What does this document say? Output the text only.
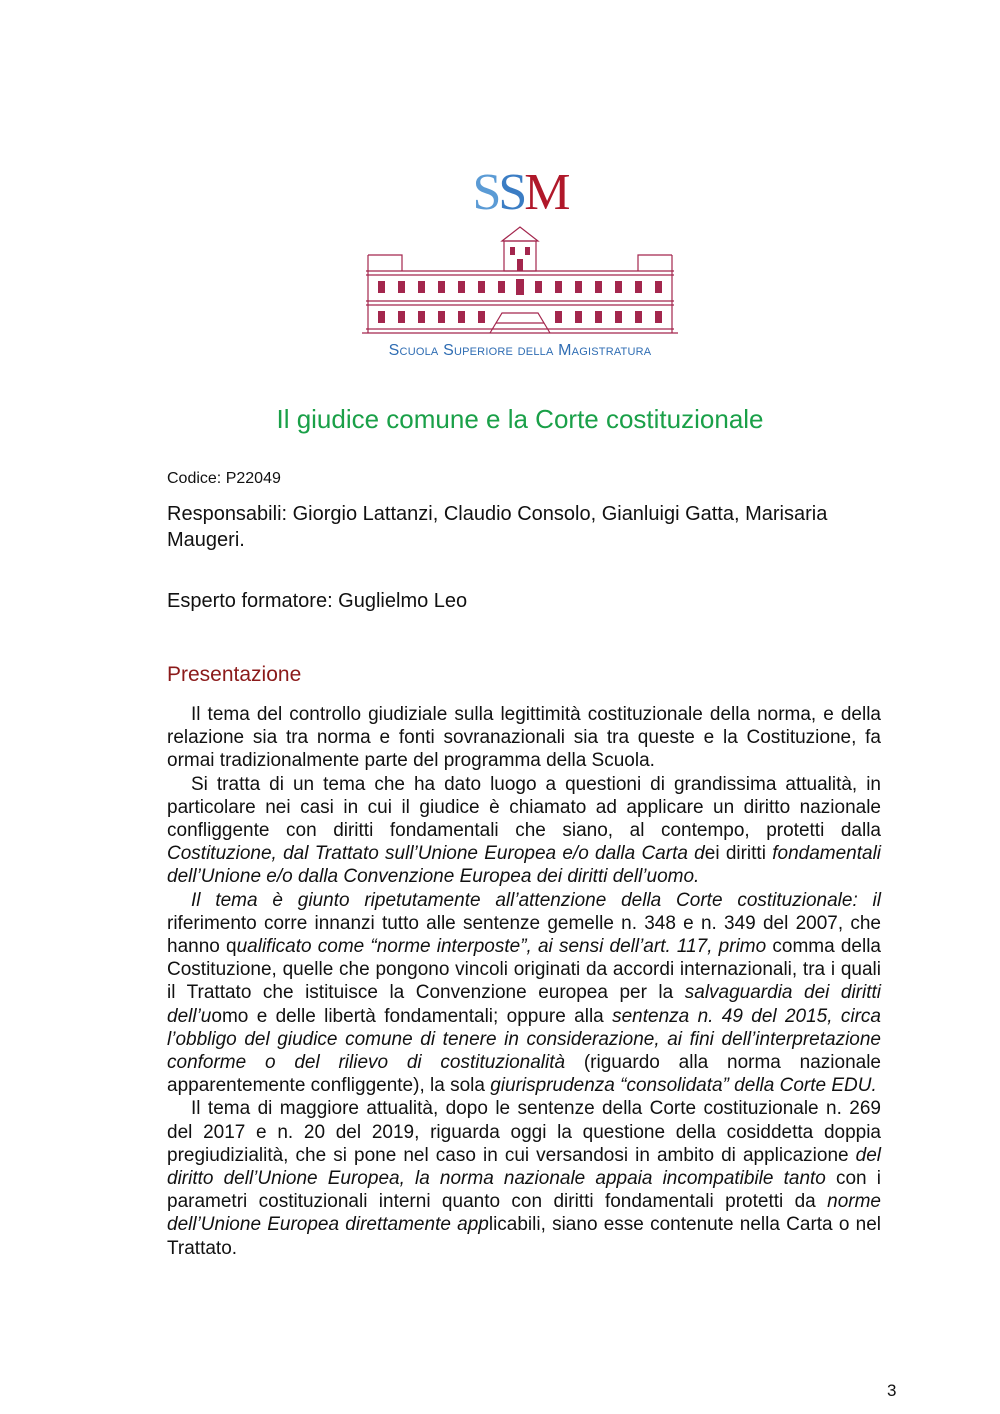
SSM
Scuola Superiore della Magistratura
Il giudice comune e la Corte costituzionale
Codice: P22049
Responsabili: Giorgio Lattanzi, Claudio Consolo, Gianluigi Gatta, Marisaria Maugeri.
Esperto formatore: Guglielmo Leo
Presentazione

Il tema del controllo giudiziale sulla legittimità costituzionale della norma, e della relazione sia tra norma e fonti sovranazionali sia tra queste e la Costituzione, fa ormai tradizionalmente parte del programma della Scuola.

Si tratta di un tema che ha dato luogo a questioni di grandissima attualità, in particolare nei casi in cui il giudice è chiamato ad applicare un diritto nazionale confliggente con diritti fondamentali che siano, al contempo, protetti dalla Costituzione, dal Trattato sull’Unione Europea e/o dalla Carta dei diritti fondamentali dell’Unione e/o dalla Convenzione Europea dei diritti dell’uomo.

Il tema è giunto ripetutamente all’attenzione della Corte costituzionale: il riferimento corre innanzi tutto alle sentenze gemelle n. 348 e n. 349 del 2007, che hanno qualificato come “norme interposte”, ai sensi dell’art. 117, primo comma della Costituzione, quelle che pongono vincoli originati da accordi internazionali, tra i quali il Trattato che istituisce la Convenzione europea per la salvaguardia dei diritti dell’uomo e delle libertà fondamentali; oppure alla sentenza n. 49 del 2015, circa l’obbligo del giudice comune di tenere in considerazione, ai fini dell’interpretazione conforme o del rilievo di costituzionalità (riguardo alla norma nazionale apparentemente confliggente), la sola giurisprudenza “consolidata” della Corte EDU.

Il tema di maggiore attualità, dopo le sentenze della Corte costituzionale n. 269 del 2017 e n. 20 del 2019, riguarda oggi la questione della cosiddetta doppia pregiudizialità, che si pone nel caso in cui versandosi in ambito di applicazione del diritto dell’Unione Europea, la norma nazionale appaia incompatibile tanto con i parametri costituzionali interni quanto con diritti fondamentali protetti da norme dell’Unione Europea direttamente applicabili, siano esse contenute nella Carta o nel Trattato.

3
